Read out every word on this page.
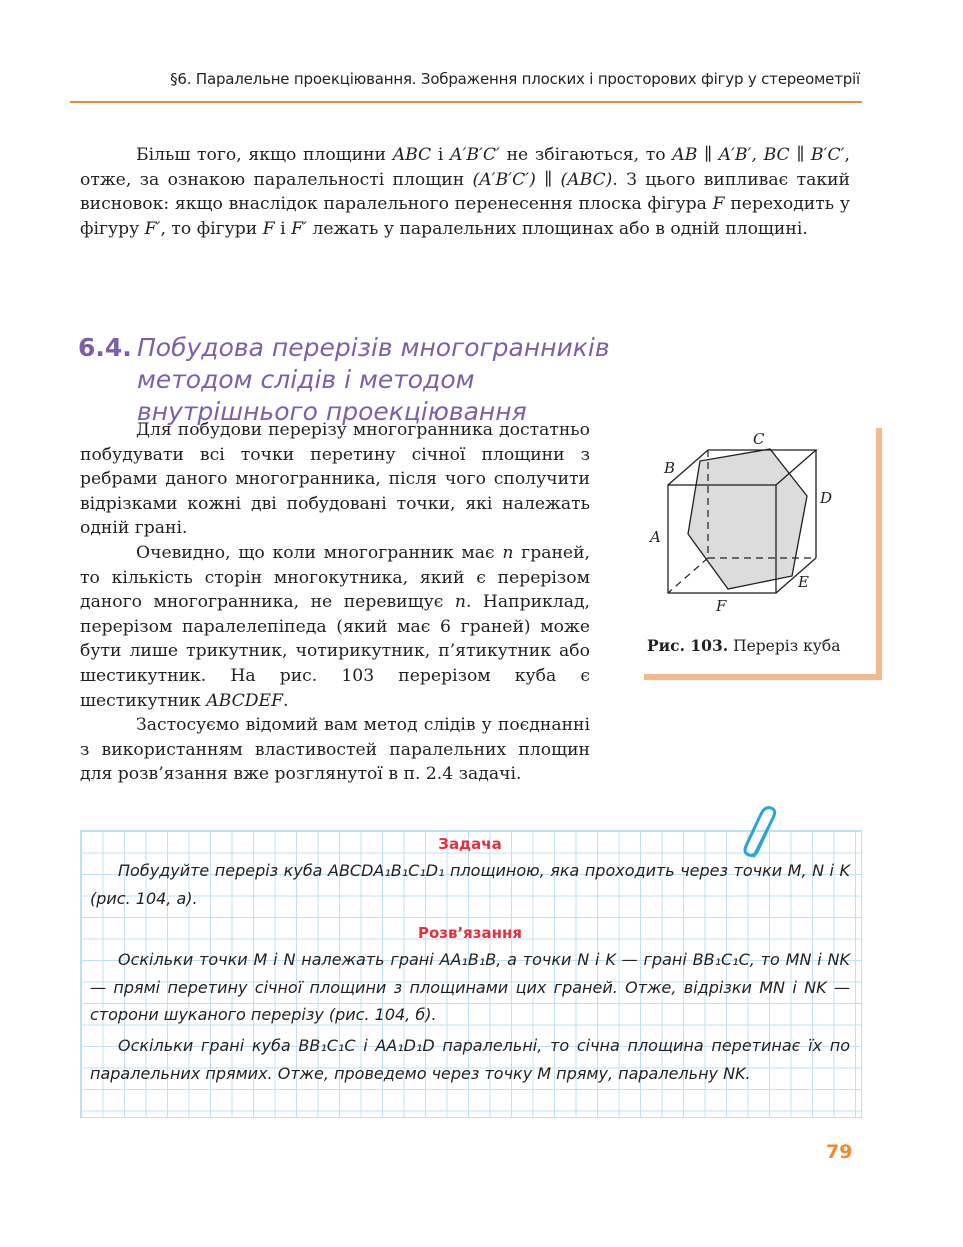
§6. Паралельне проекціювання. Зображення плоских і просторових фігур у стереометрії

Більш того, якщо площини ABC і A′B′C′ не збігаються, то AB ∥ A′B′, BC ∥ B′C′, отже, за ознакою паралельності площин (A′B′C′) ∥ (ABC). З цього випливає такий висновок: якщо внаслідок паралельного перенесення плоска фігура F переходить у фігуру F′, то фігури F і F′ лежать у паралельних площинах або в одній площині.

6.4. Побудова перерізів многогранників
методом слідів і методом
внутрішнього проекціювання

Для побудови перерізу многогранника достатньо побудувати всі точки перетину січної площини з ребрами даного многогранника, після чого сполучити відрізками кожні дві побудовані точки, які належать одній грані.

Очевидно, що коли многогранник має n граней, то кількість сторін многокутника, який є перерізом даного многогранника, не перевищує n. Наприклад, перерізом паралелепіпеда (який має 6 граней) може бути лише трикутник, чотирикутник, п’ятикутник або шестикутник. На рис. 103 перерізом куба є шестикутник ABCDEF.

Застосуємо відомий вам метод слідів у поєднанні з використанням властивостей паралельних площин для розв’язання вже розглянутої в п. 2.4 задачі.

C
B
D
A
E
F
Рис. 103. Переріз куба
Задача

Побудуйте переріз куба ABCDA₁B₁C₁D₁ площиною, яка проходить через точки M, N і K (рис. 104, а).

Розв’язання

Оскільки точки M і N належать грані AA₁B₁B, а точки N і K — грані BB₁C₁C, то MN і NK — прямі перетину січної площини з площинами цих граней. Отже, відрізки MN і NK — сторони шуканого перерізу (рис. 104, б).

Оскільки грані куба BB₁C₁C і AA₁D₁D паралельні, то січна площина перетинає їх по паралельних прямих. Отже, проведемо через точку M пряму, паралельну NK.

79
